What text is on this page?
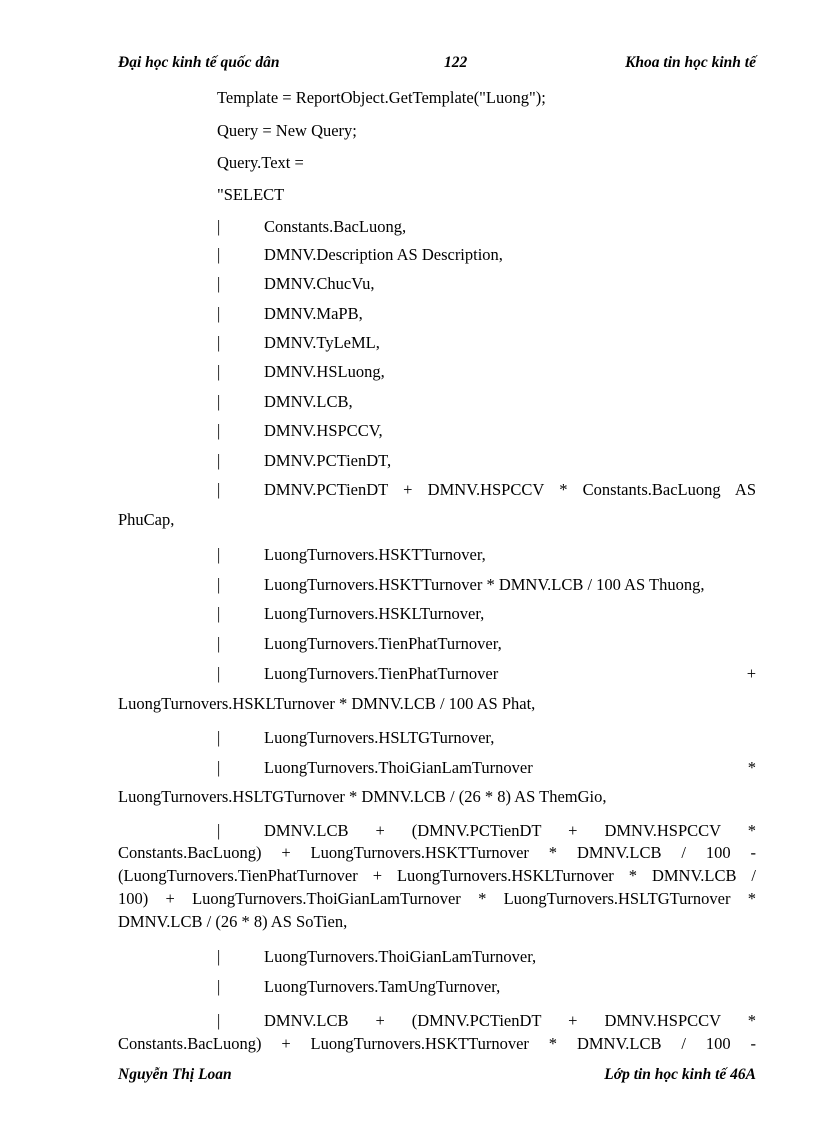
Đại học kinh tế quốc dân	122	Khoa tin học kinh tế
Template = ReportObject.GetTemplate("Luong");
Query = New Query;
Query.Text =
"SELECT
|	Constants.BacLuong,
|	DMNV.Description AS Description,
|	DMNV.ChucVu,
|	DMNV.MaPB,
|	DMNV.TyLeML,
|	DMNV.HSLuong,
|	DMNV.LCB,
|	DMNV.HSPCCV,
|	DMNV.PCTienDT,
|	DMNV.PCTienDT + DMNV.HSPCCV * Constants.BacLuong AS
PhuCap,
|	LuongTurnovers.HSKTTurnover,
|	LuongTurnovers.HSKTTurnover * DMNV.LCB / 100 AS Thuong,
|	LuongTurnovers.HSKLTurnover,
|	LuongTurnovers.TienPhatTurnover,
|	LuongTurnovers.TienPhatTurnover +
LuongTurnovers.HSKLTurnover * DMNV.LCB / 100 AS Phat,
|	LuongTurnovers.HSLTGTurnover,
|	LuongTurnovers.ThoiGianLamTurnover *
LuongTurnovers.HSLTGTurnover * DMNV.LCB / (26 * 8) AS ThemGio,
|	DMNV.LCB + (DMNV.PCTienDT + DMNV.HSPCCV *
Constants.BacLuong) + LuongTurnovers.HSKTTurnover * DMNV.LCB / 100 -
(LuongTurnovers.TienPhatTurnover + LuongTurnovers.HSKLTurnover * DMNV.LCB /
100) + LuongTurnovers.ThoiGianLamTurnover * LuongTurnovers.HSLTGTurnover *
DMNV.LCB / (26 * 8) AS SoTien,
|	LuongTurnovers.ThoiGianLamTurnover,
|	LuongTurnovers.TamUngTurnover,
|	DMNV.LCB + (DMNV.PCTienDT + DMNV.HSPCCV *
Constants.BacLuong) + LuongTurnovers.HSKTTurnover * DMNV.LCB / 100 -
Nguyễn Thị Loan	Lớp tin học kinh tế 46A
